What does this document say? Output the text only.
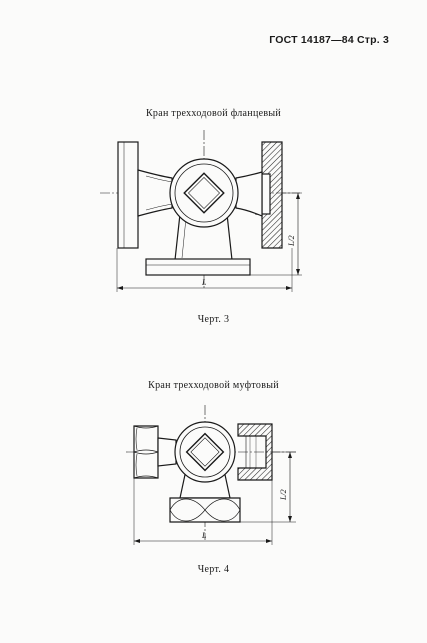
ГОСТ 14187—84 Стр. 3
Кран трехходовой фланцевый
Черт. 3
Кран трехходовой муфтовый
Черт. 4
L
L/2
L
L/2
